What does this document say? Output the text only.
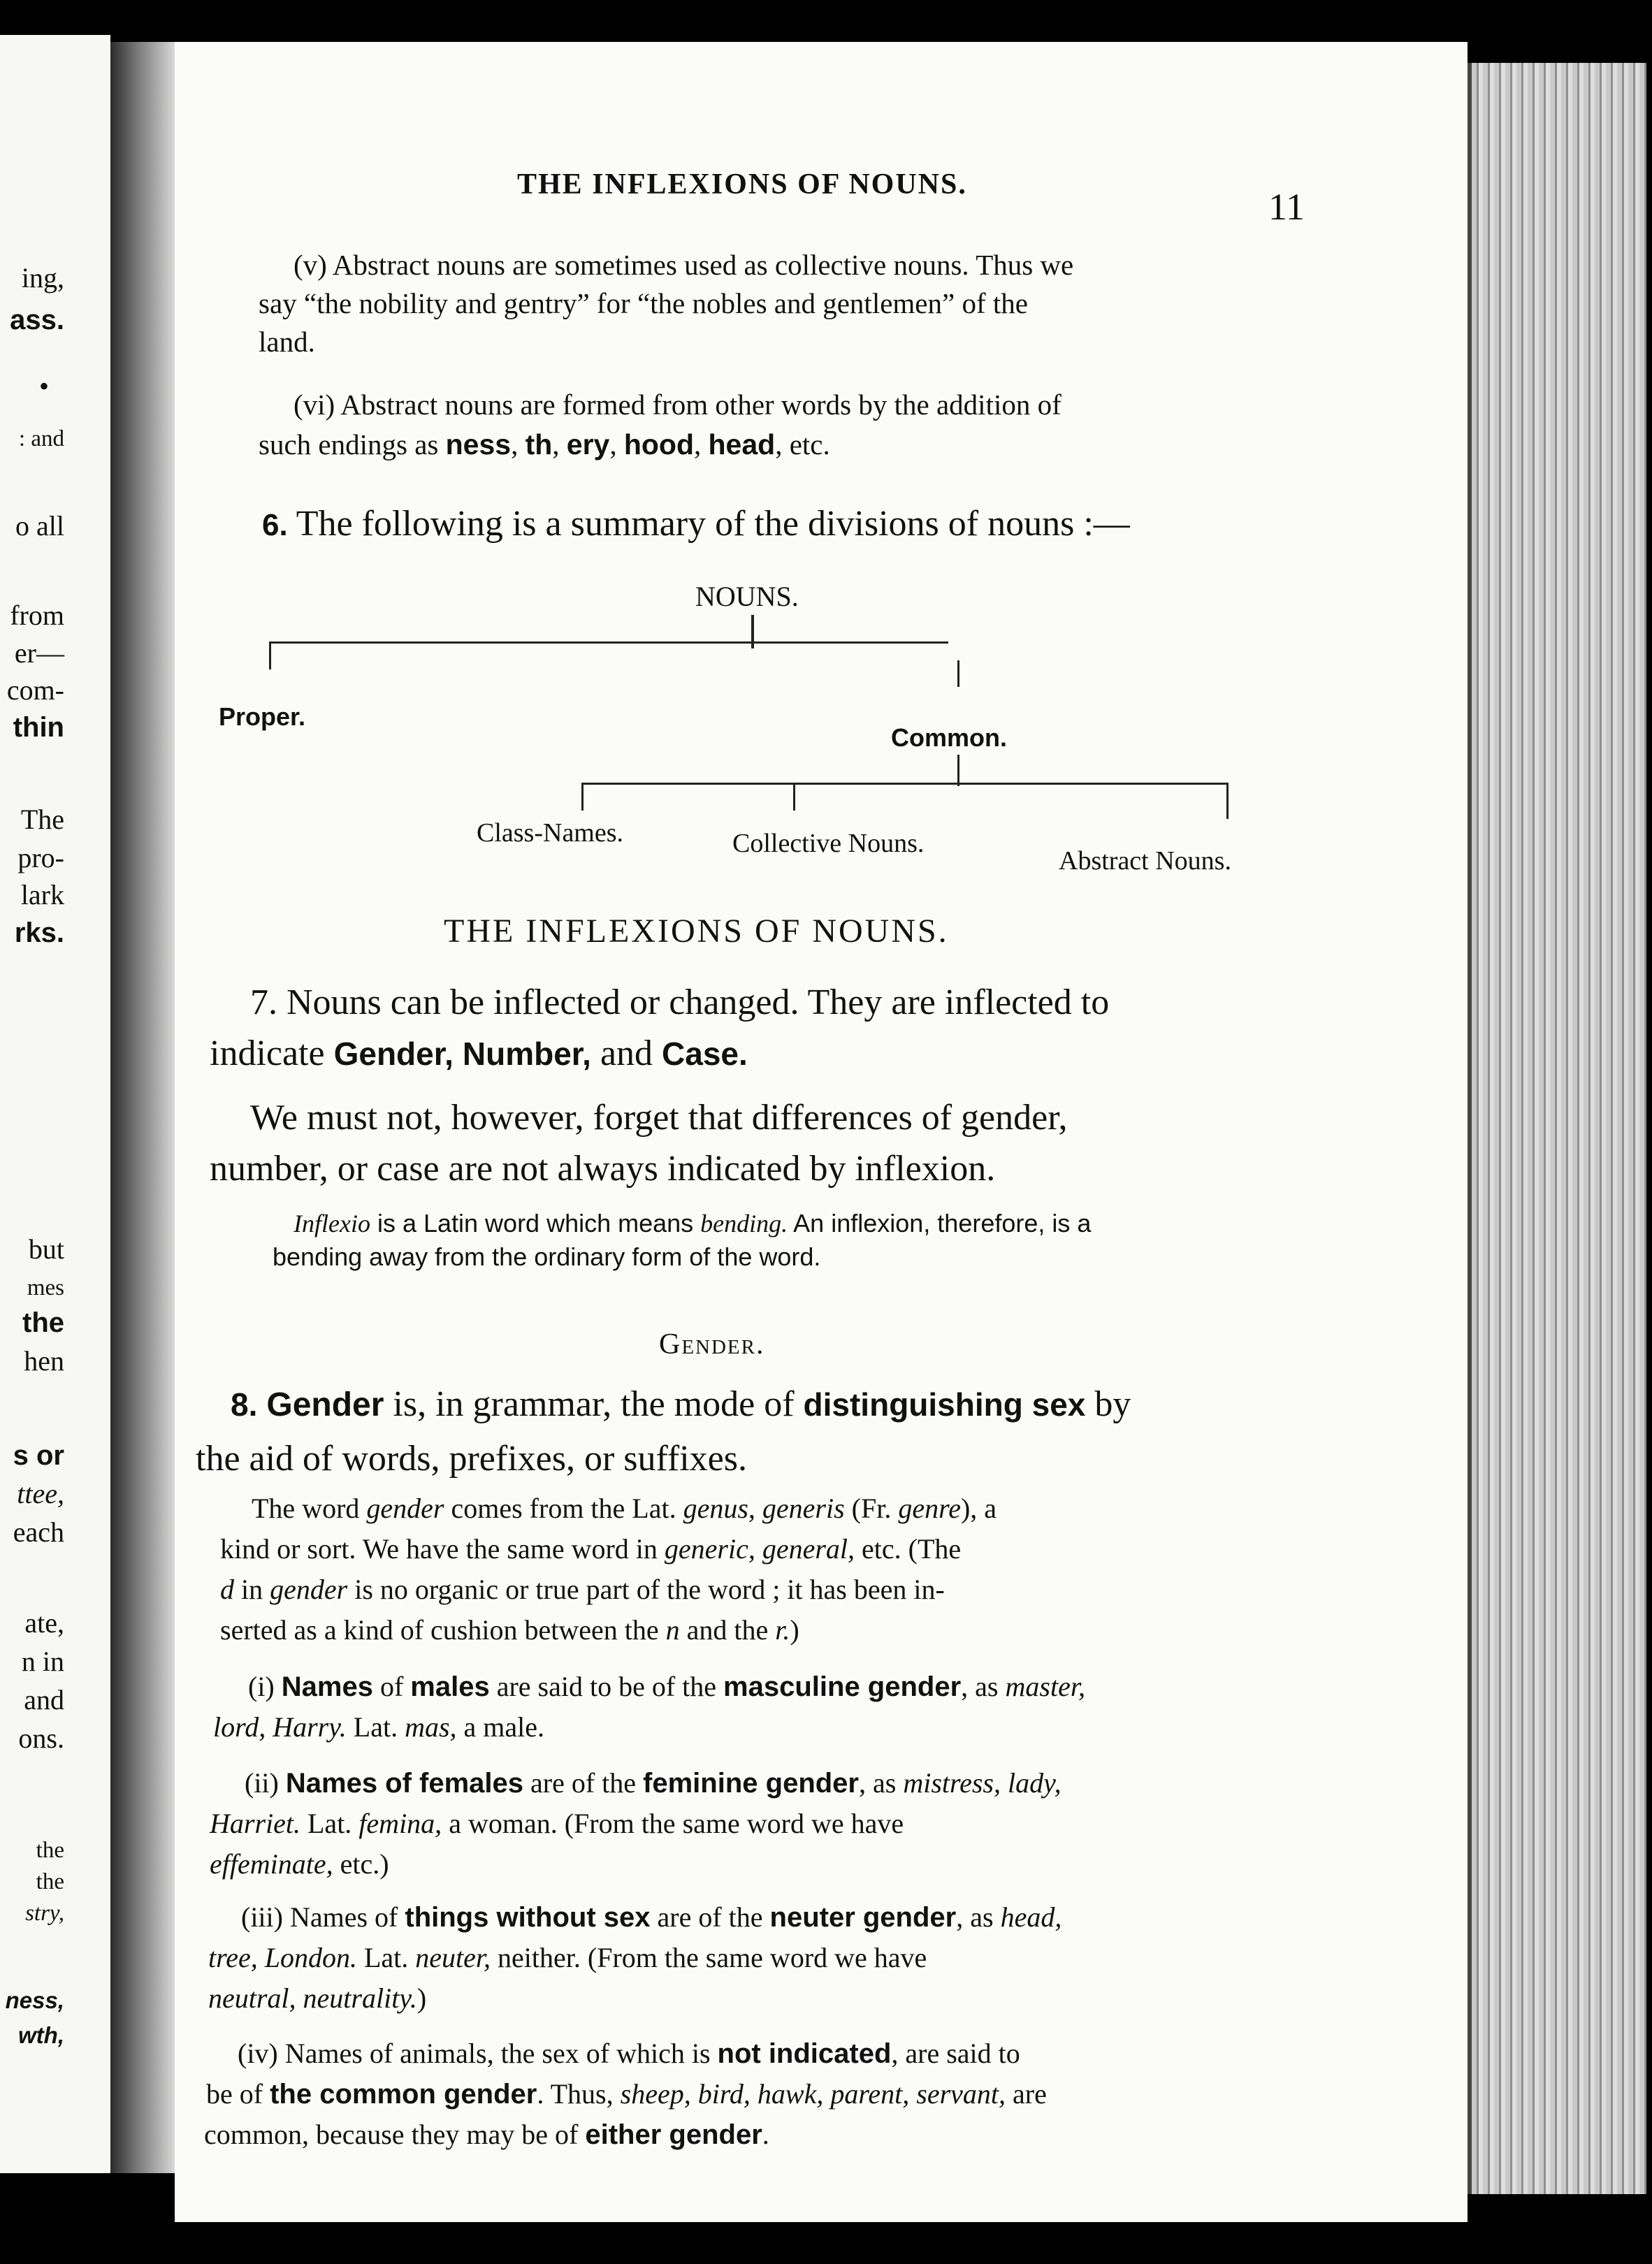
ing,
ass.
•
: and
o all
from
er—
com-
thin
The
pro-
lark
rks.
but
mes
the
hen
s or
ttee,
each
ate,
n in
and
ons.
the
the
stry,
ness,
wth,
THE INFLEXIONS OF NOUNS.
11
(v) Abstract nouns are sometimes used as collective nouns. Thus we
say “the nobility and gentry” for “the nobles and gentlemen” of the
land.
(vi) Abstract nouns are formed from other words by the addition of
such endings as ness, th, ery, hood, head, etc.
6. The following is a summary of the divisions of nouns :—
NOUNS.
Proper.
Common.
Class-Names.	Collective Nouns.
Abstract Nouns.
THE INFLEXIONS OF NOUNS.
7. Nouns can be inflected or changed. They are inflected to
indicate Gender, Number, and Case.
We must not, however, forget that differences of gender,
number, or case are not always indicated by inflexion.
Inflexio is a Latin word which means bending. An inflexion, therefore, is a
bending away from the ordinary form of the word.
Gender.
8. Gender is, in grammar, the mode of distinguishing sex by
the aid of words, prefixes, or suffixes.
The word gender comes from the Lat. genus, generis (Fr. genre), a
kind or sort. We have the same word in generic, general, etc. (The
d in gender is no organic or true part of the word ; it has been in-
serted as a kind of cushion between the n and the r.)
(i) Names of males are said to be of the masculine gender, as master,
lord, Harry. Lat. mas, a male.
(ii) Names of females are of the feminine gender, as mistress, lady,
Harriet. Lat. femina, a woman. (From the same word we have
effeminate, etc.)
(iii) Names of things without sex are of the neuter gender, as head,
tree, London. Lat. neuter, neither. (From the same word we have
neutral, neutrality.)
(iv) Names of animals, the sex of which is not indicated, are said to
be of the common gender. Thus, sheep, bird, hawk, parent, servant, are
common, because they may be of either gender.
